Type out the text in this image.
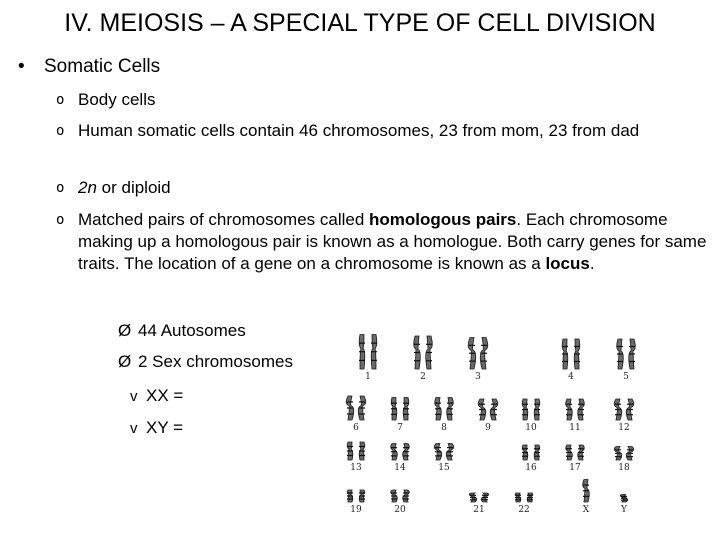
IV. MEIOSIS – A SPECIAL TYPE OF CELL DIVISION
• Somatic Cells
o Body cells
o Human somatic cells contain 46 chromosomes, 23 from mom, 23 from dad
o 2n or diploid
o Matched pairs of chromosomes called homologous pairs. Each chromosome making up a homologous pair is known as a homologue. Both carry genes for same traits. The location of a gene on a chromosome is known as a locus.
Ø 44 Autosomes
Ø 2 Sex chromosomes
v XX =
v XY =
1	2	3	4	5
6	7	8	9	10	11	12
13	14	15	16	17	18
19	20	21	22	X	Y
